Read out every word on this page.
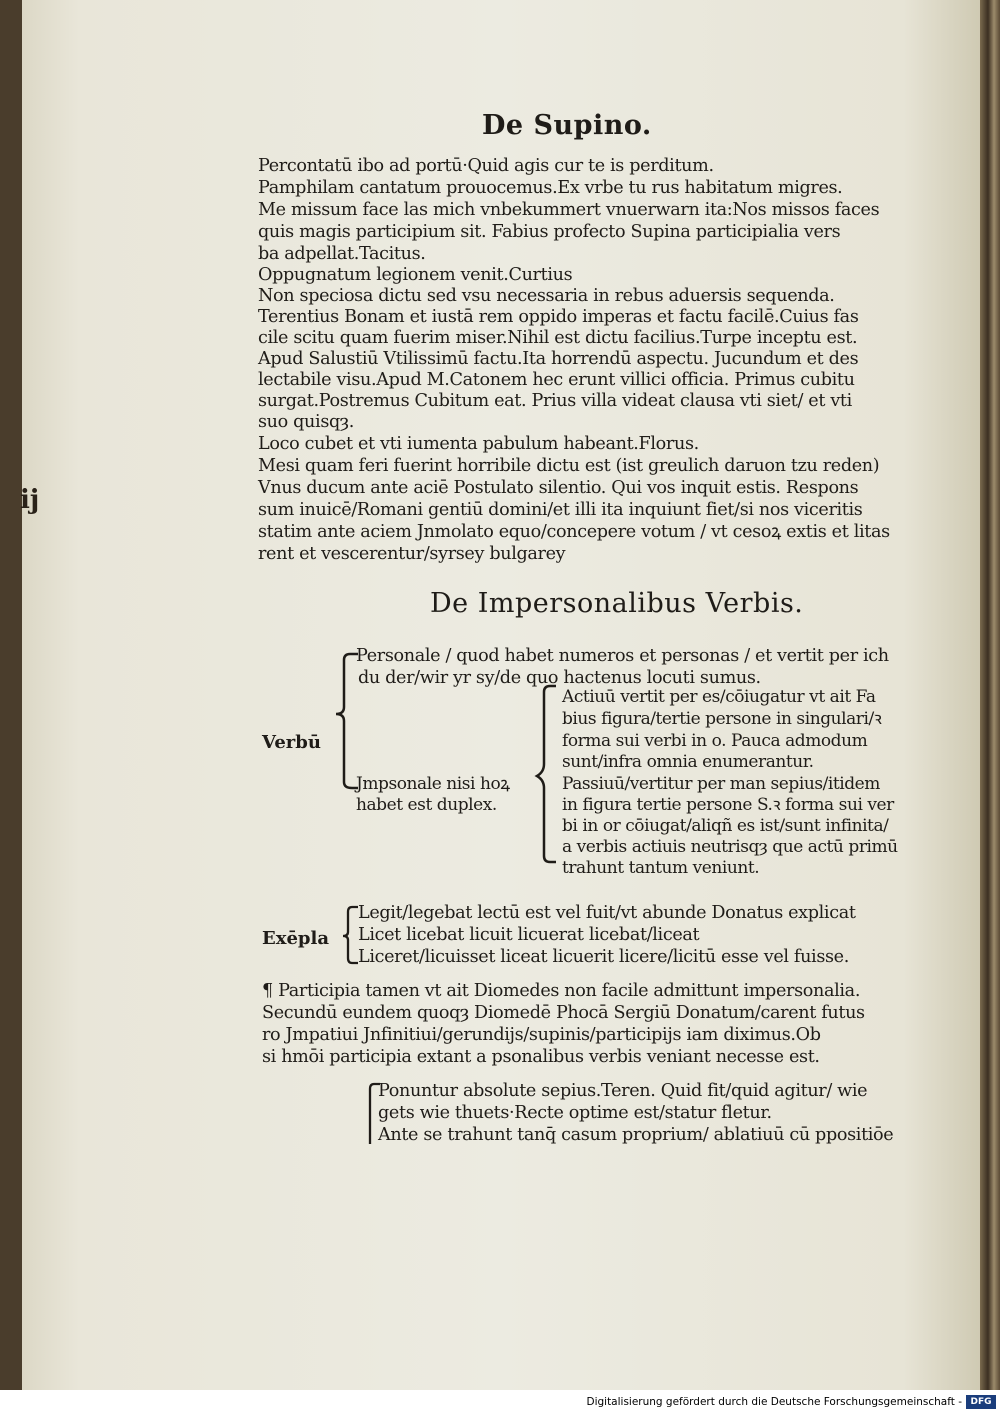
De Supino.
Percontatū ibo ad portū·Quid agis cur te is perditum.
Pamphilam cantatum prouocemus.Ex vrbe tu rus habitatum migres.
Me missum face las mich vnbekummert vnuerwarn ita:Nos missos faces
quis magis participium sit. Fabius profecto Supina participialia vers
ba adpellat.Tacitus.
Oppugnatum legionem venit.Curtius
Non speciosa dictu sed vsu necessaria in rebus aduersis sequenda.
Terentius Bonam et iustā rem oppido imperas et factu facilē.Cuius fas
cile scitu quam fuerim miser.Nihil est dictu facilius.Turpe inceptu est.
Apud Salustiū Vtilissimū factu.Ita horrendū aspectu. Jucundum et des
lectabile visu.Apud M.Catonem hec erunt villici officia. Primus cubitu
surgat.Postremus Cubitum eat. Prius villa videat clausa vti siet/ et vti
suo quisqȝ.
Loco cubet et vti iumenta pabulum habeant.Florus.
Mesi quam feri fuerint horribile dictu est (ist greulich daruon tzu reden)
Vnus ducum ante aciē Postulato silentio. Qui vos inquit estis. Respons
sum inuicē/Romani gentiū domini/et illi ita inquiunt fiet/si nos viceritis
statim ante aciem Jnmolato equo/concepere votum / vt cesoꝝ extis et litas
rent et vescerentur/syrsey bulgarey
De Impersonalibus Verbis.
Personale / quod habet numeros et personas / et vertit per ich
du der/wir yr sy/de quo hactenus locuti sumus.
Verbū
Actiuū vertit per es/cōiugatur vt ait Fa
bius figura/tertie persone in singulari/ꝛ
forma sui verbi in o. Pauca admodum
sunt/infra omnia enumerantur.
Jmpsonale nisi hoꝝ
habet est duplex.
Passiuū/vertitur per man sepius/itidem
in figura tertie persone S.ꝛ forma sui ver
bi in or cōiugat/aliqñ es ist/sunt infinita/
a verbis actiuis neutrisqȝ que actū primū
trahunt tantum veniunt.
Exēpla
Legit/legebat lectū est vel fuit/vt abunde Donatus explicat
Licet licebat licuit licuerat licebat/liceat
Liceret/licuisset liceat licuerit licere/licitū esse vel fuisse.
¶ Participia tamen vt ait Diomedes non facile admittunt impersonalia.
Secundū eundem quoqȝ Diomedē Phocā Sergiū Donatum/carent futus
ro Jmpatiui Jnfinitiui/gerundijs/supinis/participijs iam diximus.Ob
si hmōi participia extant a psonalibus verbis veniant necesse est.
Ponuntur absolute sepius.Teren. Quid fit/quid agitur/ wie
gets wie thuets·Recte optime est/statur fletur.
Ante se trahunt tanq̄ casum proprium/ ablatiuū cū ppositiōe
ij
Digitalisierung gefördert durch die Deutsche Forschungsgemeinschaft - DFG
